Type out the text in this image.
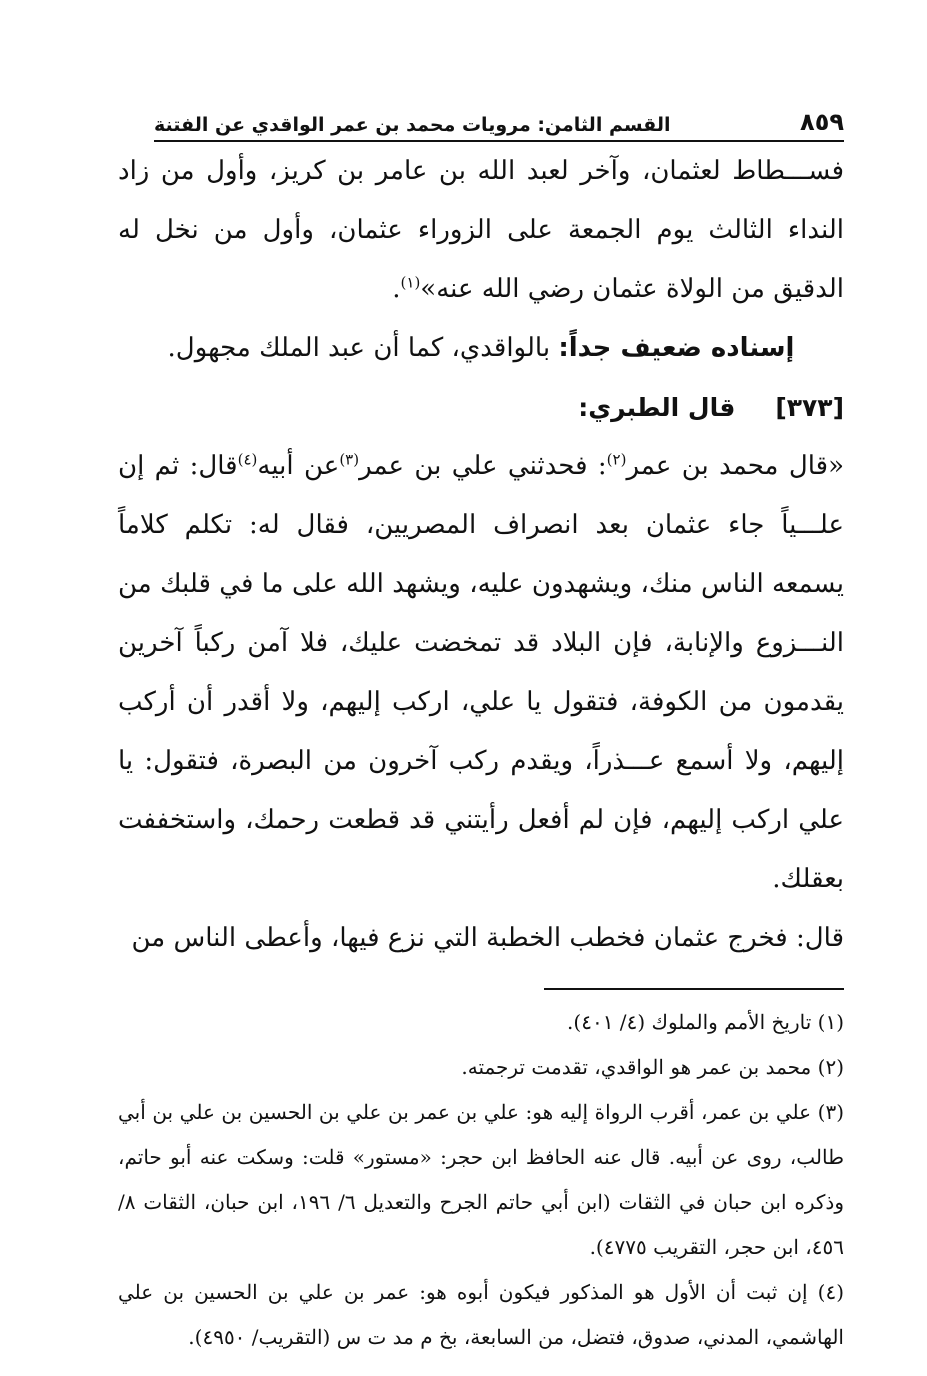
٨٥٩
القسم الثامن: مرويات محمد بن عمر الواقدي عن الفتنة

فســـطاط لعثمان، وآخر لعبد الله بن عامر بن كريز، وأول من زاد النداء الثالث يوم الجمعة على الزوراء عثمان، وأول من نخل له الدقيق من الولاة عثمان رضي الله عنه»$^{(١)}$.

إسناده ضعيف جداً: بالواقدي، كما أن عبد الملك مجهول.

[٣٧٣]
قال الطبري:

«قال محمد بن عمر$^{(٢)}$: فحدثني علي بن عمر$^{(٣)}$عن أبيه$^{(٤)}$قال: ثم إن علـــياً جاء عثمان بعد انصراف المصريين، فقال له: تكلم كلاماً يسمعه الناس منك، ويشهدون عليه، ويشهد الله على ما في قلبك من النـــزوع والإنابة، فإن البلاد قد تمخضت عليك، فلا آمن ركباً آخرين يقدمون من الكوفة، فتقول يا علي، اركب إليهم، ولا أقدر أن أركب إليهم، ولا أسمع عـــذراً، ويقدم ركب آخرون من البصرة، فتقول: يا علي اركب إليهم، فإن لم أفعل رأيتني قد قطعت رحمك، واستخففت بعقلك.

قال: فخرج عثمان فخطب الخطبة التي نزع فيها، وأعطى الناس من

(١) تاريخ الأمم والملوك (٤/ ٤٠١).

(٢) محمد بن عمر هو الواقدي، تقدمت ترجمته.

(٣) علي بن عمر، أقرب الرواة إليه هو: علي بن عمر بن علي بن الحسين بن علي بن أبي طالب، روى عن أبيه. قال عنه الحافظ ابن حجر: «مستور» قلت: وسكت عنه أبو حاتم، وذكره ابن حبان في الثقات (ابن أبي حاتم الجرح والتعديل ٦/ ١٩٦، ابن حبان، الثقات ٨/ ٤٥٦، ابن حجر، التقريب ٤٧٧٥).

(٤) إن ثبت أن الأول هو المذكور فيكون أبوه هو: عمر بن علي بن الحسين بن علي الهاشمي، المدني، صدوق، فتضل، من السابعة، بخ م مد ت س (التقريب/ ٤٩٥٠).
